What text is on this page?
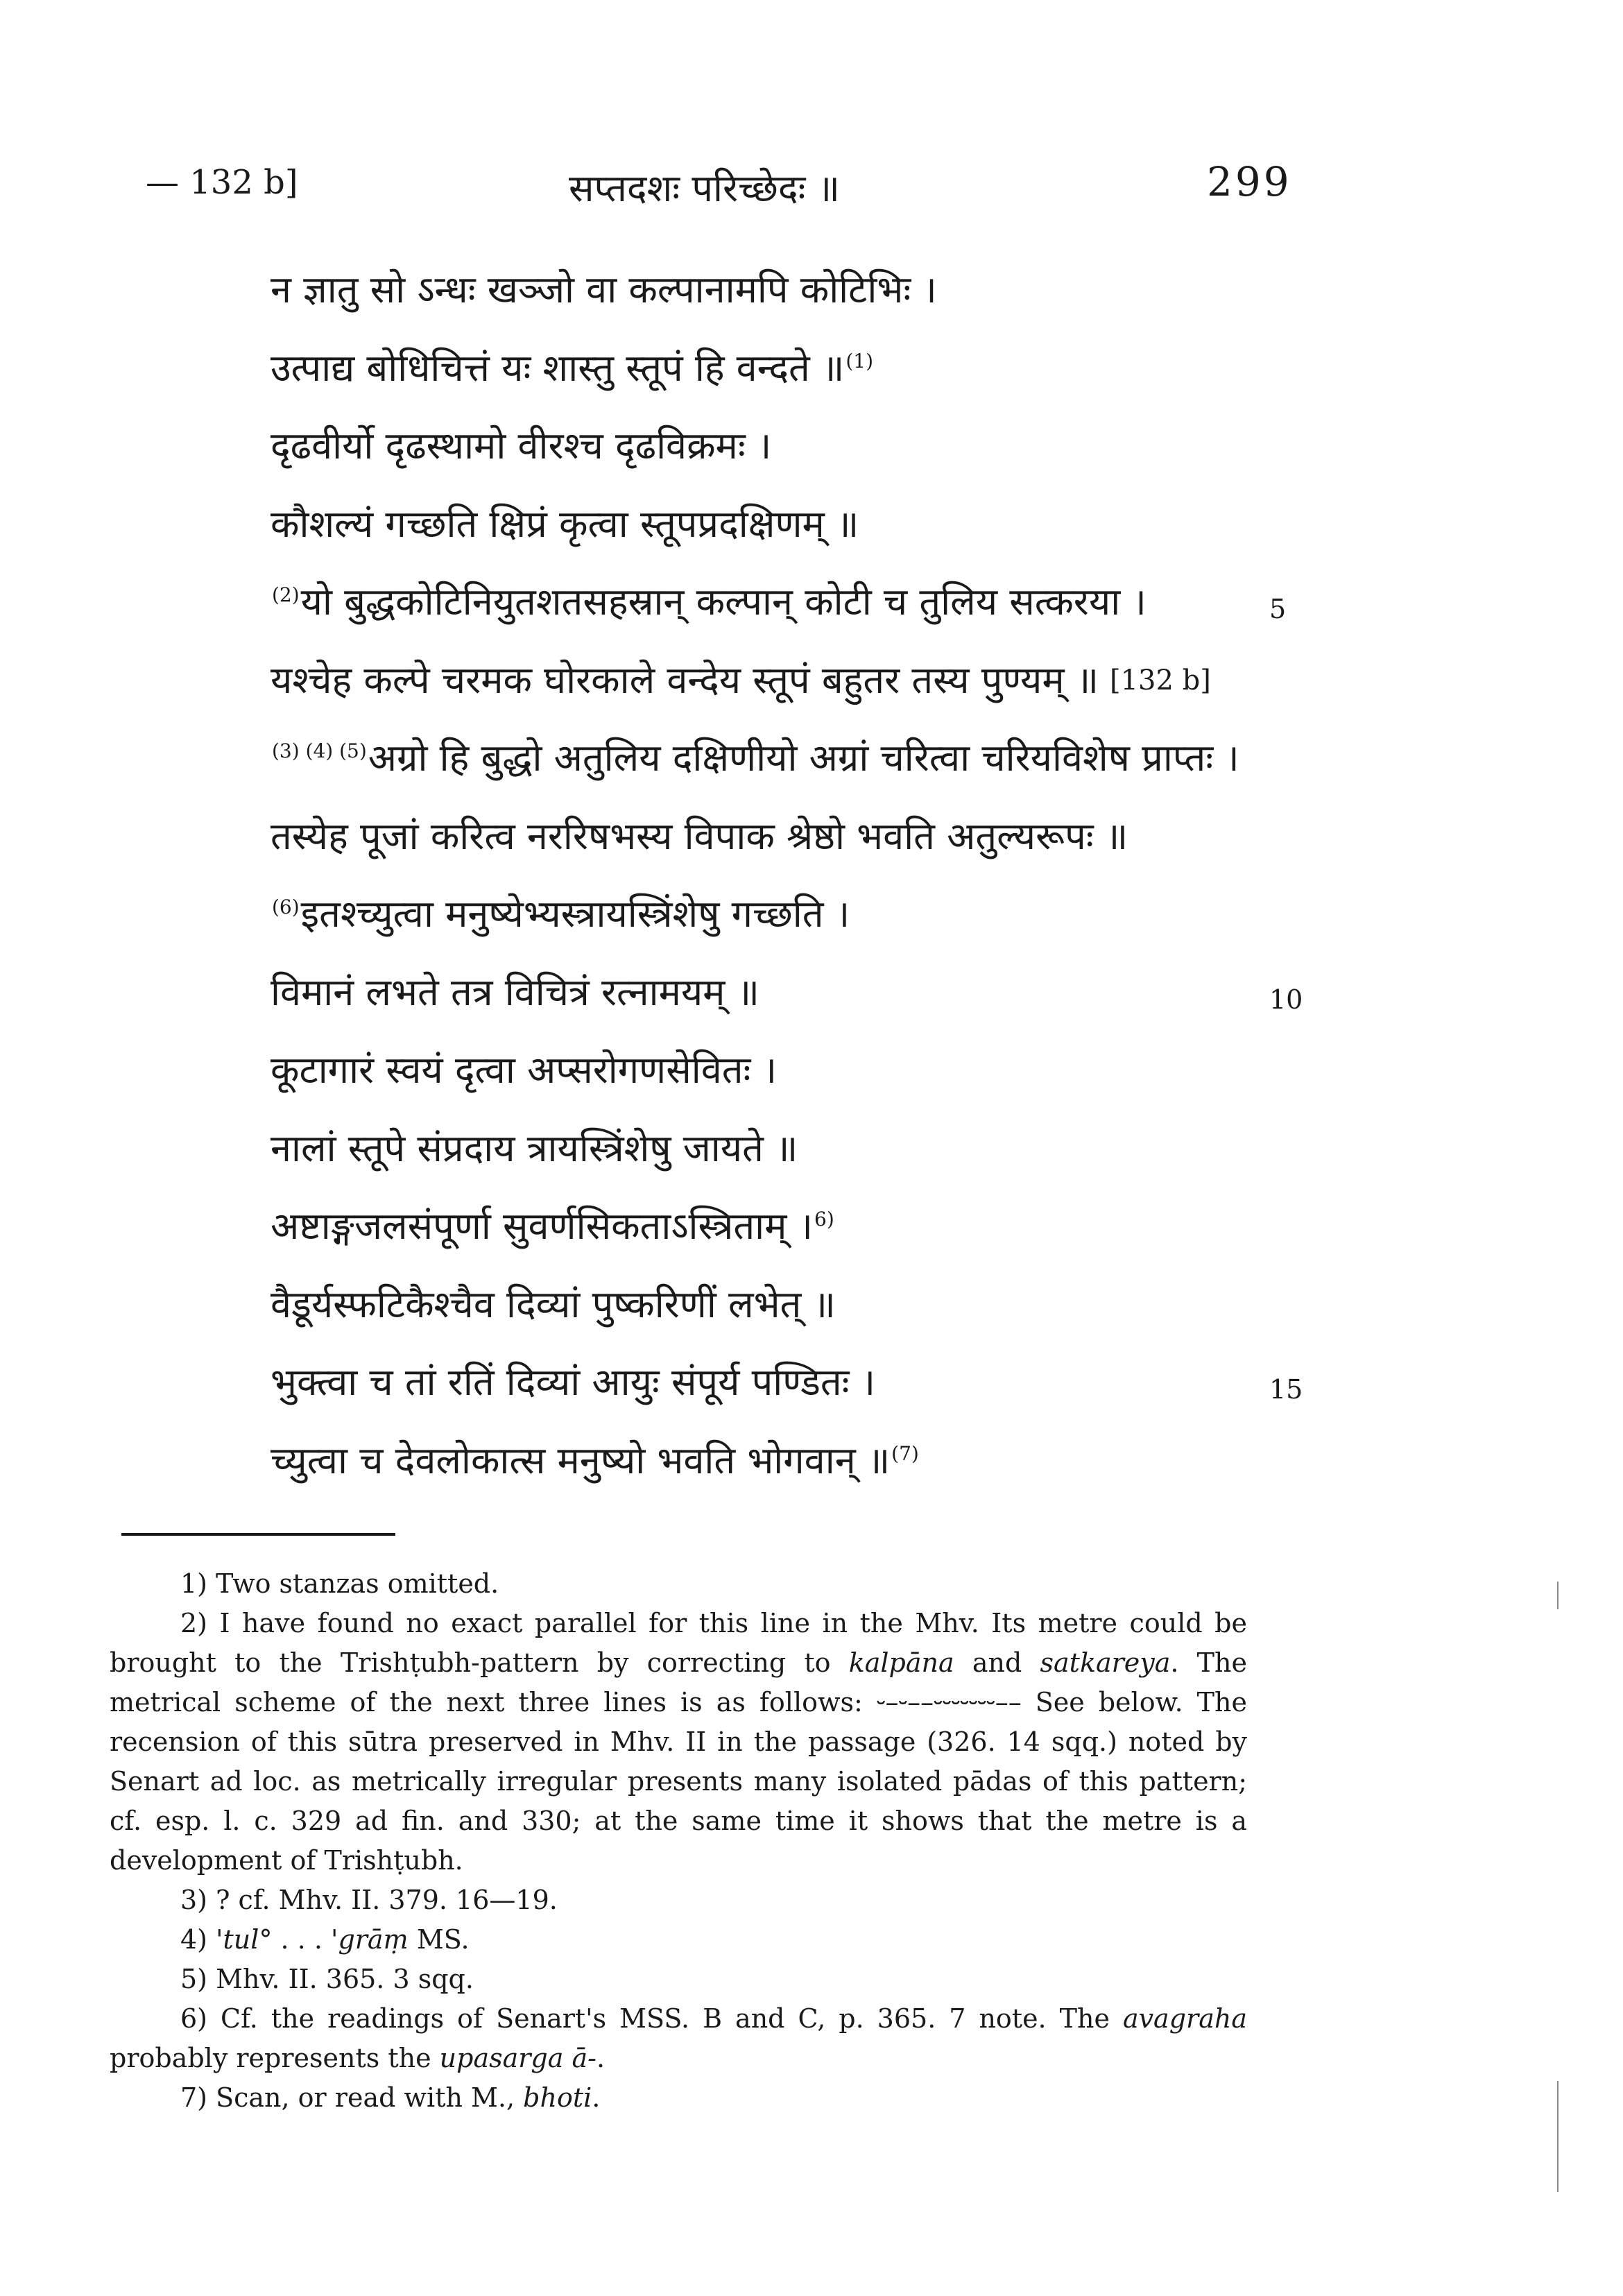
— 132 b]	सप्तदशः परिच्छेदः ॥	299
न ज्ञातु सो ऽन्धः खञ्जो वा कल्पानामपि कोटिभिः ।
उत्पाद्य बोधिचित्तं यः शास्तु स्तूपं हि वन्दते ॥$^{(1)}$
दृढवीर्यो दृढस्थामो वीरश्च दृढविक्रमः ।
कौशल्यं गच्छति क्षिप्रं कृत्वा स्तूपप्रदक्षिणम् ॥
$^{(2)}$यो बुद्धकोटिनियुतशतसहस्रान् कल्पान् कोटी च तुलिय सत्करया ।	5
यश्चेह कल्पे चरमक घोरकाले वन्देय स्तूपं बहुतर तस्य पुण्यम् ॥ [132 b]
$^{(3) (4) (5)}$अग्रो हि बुद्धो अतुलिय दक्षिणीयो अग्रां चरित्वा चरियविशेष प्राप्तः ।
तस्येह पूजां करित्व नररिषभस्य विपाक श्रेष्ठो भवति अतुल्यरूपः ॥
$^{(6)}$इतश्च्युत्वा मनुष्येभ्यस्त्रायस्त्रिंशेषु गच्छति ।
विमानं लभते तत्र विचित्रं रत्नामयम् ॥	10
कूटागारं स्वयं दृत्वा अप्सरोगणसेवितः ।
नालां स्तूपे संप्रदाय त्रायस्त्रिंशेषु जायते ॥
अष्टाङ्गजलसंपूर्णा सुवर्णसिकताऽस्त्रिताम् ।$^{6)}$
वैडूर्यस्फटिकैश्चैव दिव्यां पुष्करिणीं लभेत् ॥
भुक्त्वा च तां रतिं दिव्यां आयुः संपूर्य पण्डितः ।	15
च्युत्वा च देवलोकात्स मनुष्यो भवति भोगवान् ॥$^{(7)}$

1) Two stanzas omitted.

2) I have found no exact parallel for this line in the Mhv. Its metre could be brought to the Trishṭubh-pattern by correcting to kalpāna and satkareya. The metrical scheme of the next three lines is as follows: ⏑–⏑––⏑⏑⏑⏑⏑⏑⏑–– See below. The recension of this sūtra preserved in Mhv. II in the passage (326. 14 sqq.) noted by Senart ad loc. as metrically irregular presents many isolated pādas of this pattern; cf. esp. l. c. 329 ad fin. and 330; at the same time it shows that the metre is a development of Trishṭubh.

3) ? cf. Mhv. II. 379. 16—19.

4) 'tul° . . . 'grāṃ MS.

5) Mhv. II. 365. 3 sqq.

6) Cf. the readings of Senart's MSS. B and C, p. 365. 7 note. The avagraha probably represents the upasarga ā-.

7) Scan, or read with M., bhoti.
